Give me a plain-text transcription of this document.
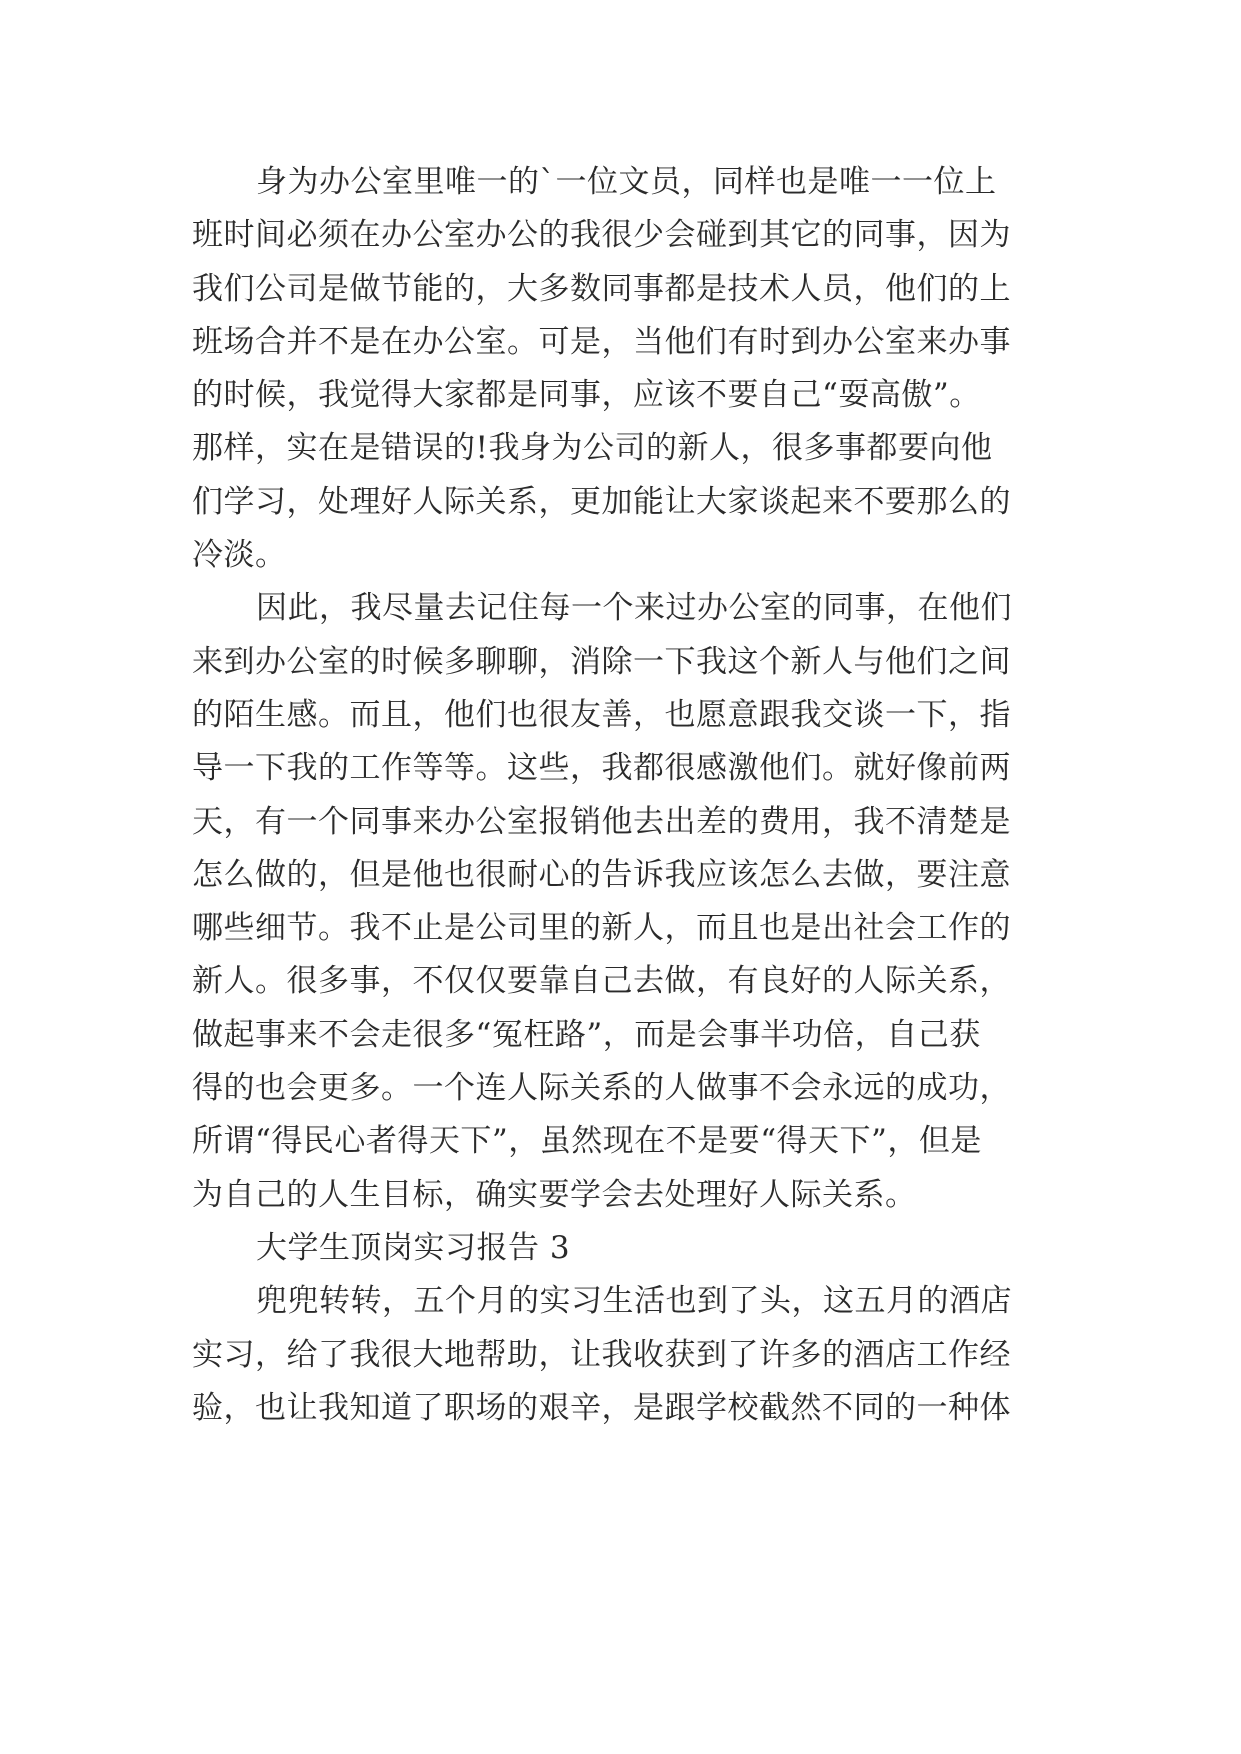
身为办公室里唯一的`一位文员，同样也是唯一一位上
班时间必须在办公室办公的我很少会碰到其它的同事，因为
我们公司是做节能的，大多数同事都是技术人员，他们的上
班场合并不是在办公室。可是，当他们有时到办公室来办事
的时候，我觉得大家都是同事，应该不要自己“耍高傲”。
那样，实在是错误的!我身为公司的新人，很多事都要向他
们学习，处理好人际关系，更加能让大家谈起来不要那么的
冷淡。
因此，我尽量去记住每一个来过办公室的同事，在他们
来到办公室的时候多聊聊，消除一下我这个新人与他们之间
的陌生感。而且，他们也很友善，也愿意跟我交谈一下，指
导一下我的工作等等。这些，我都很感激他们。就好像前两
天，有一个同事来办公室报销他去出差的费用，我不清楚是
怎么做的，但是他也很耐心的告诉我应该怎么去做，要注意
哪些细节。我不止是公司里的新人，而且也是出社会工作的
新人。很多事，不仅仅要靠自己去做，有良好的人际关系，
做起事来不会走很多“冤枉路”，而是会事半功倍，自己获
得的也会更多。一个连人际关系的人做事不会永远的成功，
所谓“得民心者得天下”，虽然现在不是要“得天下”，但是
为自己的人生目标，确实要学会去处理好人际关系。
大学生顶岗实习报告 3
兜兜转转，五个月的实习生活也到了头，这五月的酒店
实习，给了我很大地帮助，让我收获到了许多的酒店工作经
验，也让我知道了职场的艰辛，是跟学校截然不同的一种体
